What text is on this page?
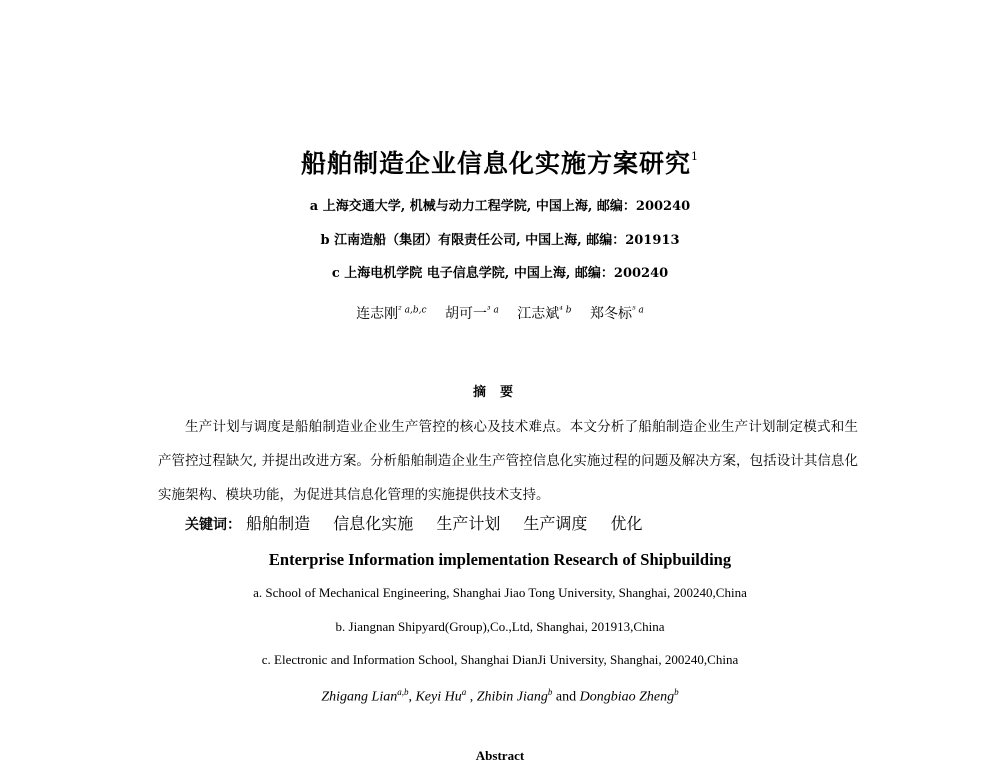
船舶制造企业信息化实施方案研究$^1$
a 上海交通大学, 机械与动力工程学院, 中国上海, 邮编：200240
b 江南造船（集团）有限责任公司, 中国上海, 邮编：201913
c 上海电机学院 电子信息学院, 中国上海, 邮编：200240
连志刚$^{^2 a,b,c}$ 胡可一$^{^3 a}$ 江志斌$^{^4 b}$ 郑冬标$^{^5 a}$
摘要
生产计划与调度是船舶制造业企业生产管控的核心及技术难点。本文分析了船舶制造企业生产计划制定模式和生产管控过程缺欠, 并提出改进方案。分析船舶制造企业生产管控信息化实施过程的问题及解决方案，包括设计其信息化实施架构、模块功能，为促进其信息化管理的实施提供技术支持。
关键词： 船舶制造 信息化实施 生产计划 生产调度 优化
Enterprise Information implementation Research of Shipbuilding
a. School of Mechanical Engineering, Shanghai Jiao Tong University, Shanghai, 200240,China
b. Jiangnan Shipyard(Group),Co.,Ltd, Shanghai, 201913,China
c. Electronic and Information School, Shanghai DianJi University, Shanghai, 200240,China
Zhigang Lian$^{a,b}$, Keyi Hu$^a$ , Zhibin Jiang$^b$ and Dongbiao Zheng$^b$
Abstract
